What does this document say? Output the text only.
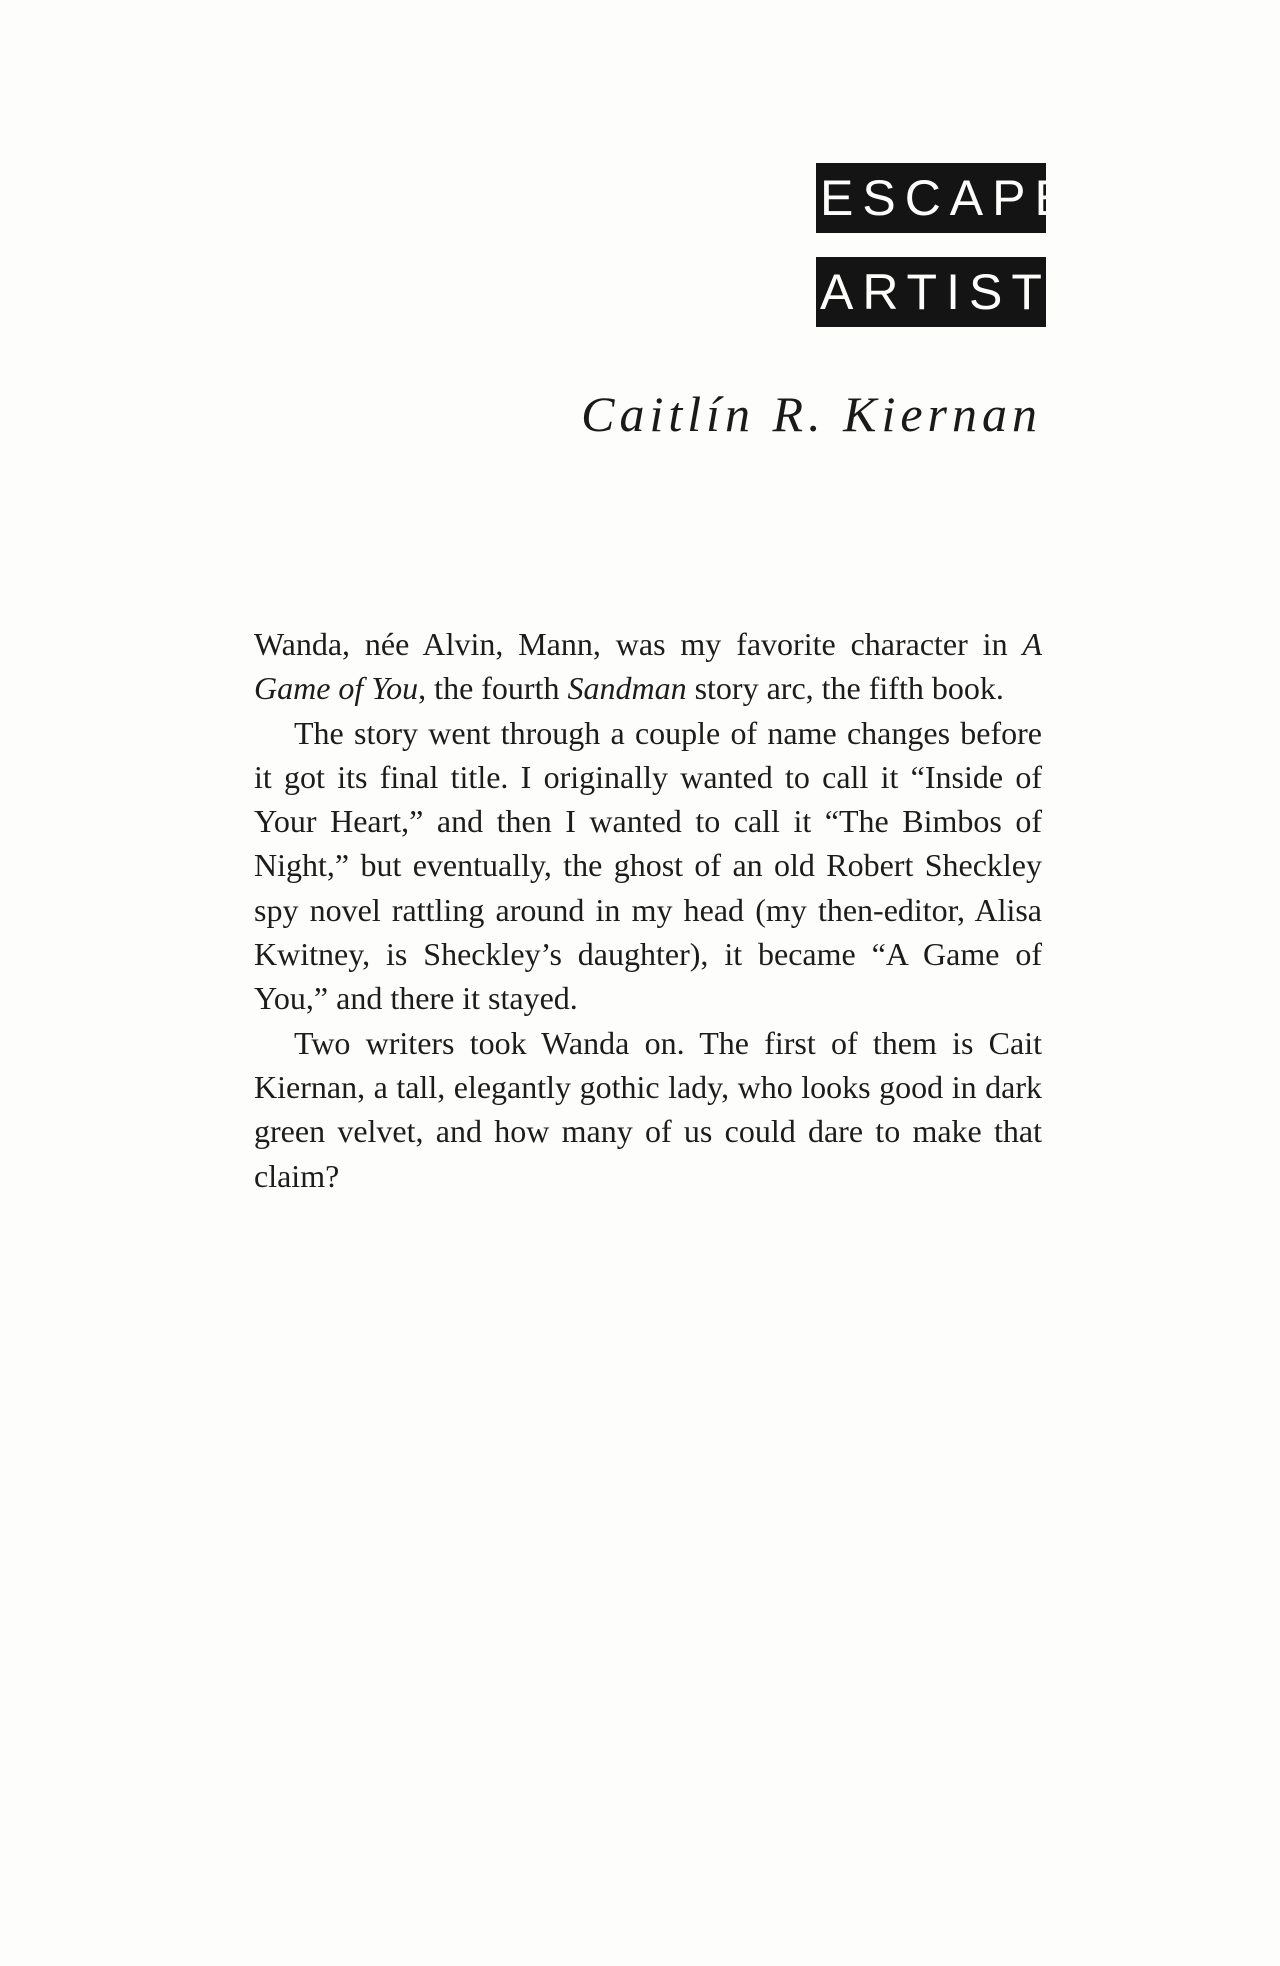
ESCAPE
ARTIST
Caitlín R. Kiernan

Wanda, née Alvin, Mann, was my favorite character in A Game of You, the fourth Sandman story arc, the fifth book.

The story went through a couple of name changes before it got its final title. I originally wanted to call it “Inside of Your Heart,” and then I wanted to call it “The Bimbos of Night,” but eventually, the ghost of an old Robert Sheckley spy novel rattling around in my head (my then-editor, Alisa Kwitney, is Sheckley’s daughter), it became “A Game of You,” and there it stayed.

Two writers took Wanda on. The first of them is Cait Kiernan, a tall, elegantly gothic lady, who looks good in dark green velvet, and how many of us could dare to make that claim?
